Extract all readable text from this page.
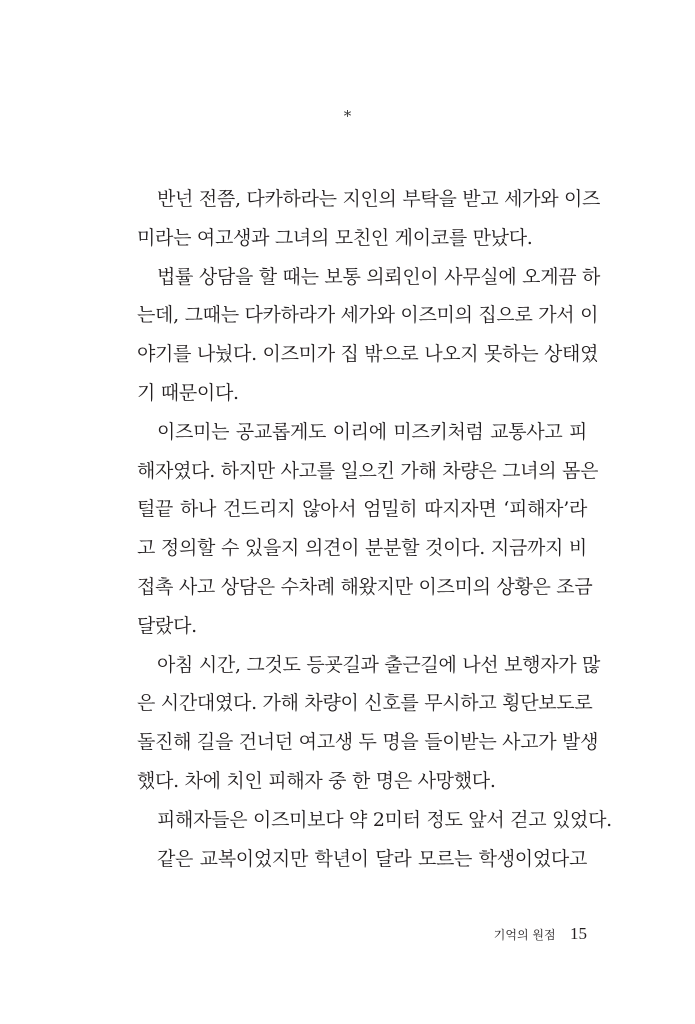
*
반넌 전쯤, 다카하라는 지인의 부탁을 받고 세가와 이즈
미라는 여고생과 그녀의 모친인 게이코를 만났다.
법률 상담을 할 때는 보통 의뢰인이 사무실에 오게끔 하
는데, 그때는 다카하라가 세가와 이즈미의 집으로 가서 이
야기를 나눴다. 이즈미가 집 밖으로 나오지 못하는 상태였
기 때문이다.
이즈미는 공교롭게도 이리에 미즈키처럼 교통사고 피
해자였다. 하지만 사고를 일으킨 가해 차량은 그녀의 몸은
털끝 하나 건드리지 않아서 엄밀히 따지자면 ‘피해자’라
고 정의할 수 있을지 의견이 분분할 것이다. 지금까지 비
접촉 사고 상담은 수차례 해왔지만 이즈미의 상황은 조금
달랐다.
아침 시간, 그것도 등굣길과 출근길에 나선 보행자가 많
은 시간대였다. 가해 차량이 신호를 무시하고 횡단보도로
돌진해 길을 건너던 여고생 두 명을 들이받는 사고가 발생
했다. 차에 치인 피해자 중 한 명은 사망했다.
피해자들은 이즈미보다 약 2미터 정도 앞서 걷고 있었다.
같은 교복이었지만 학년이 달라 모르는 학생이었다고
기억의 원점 15
